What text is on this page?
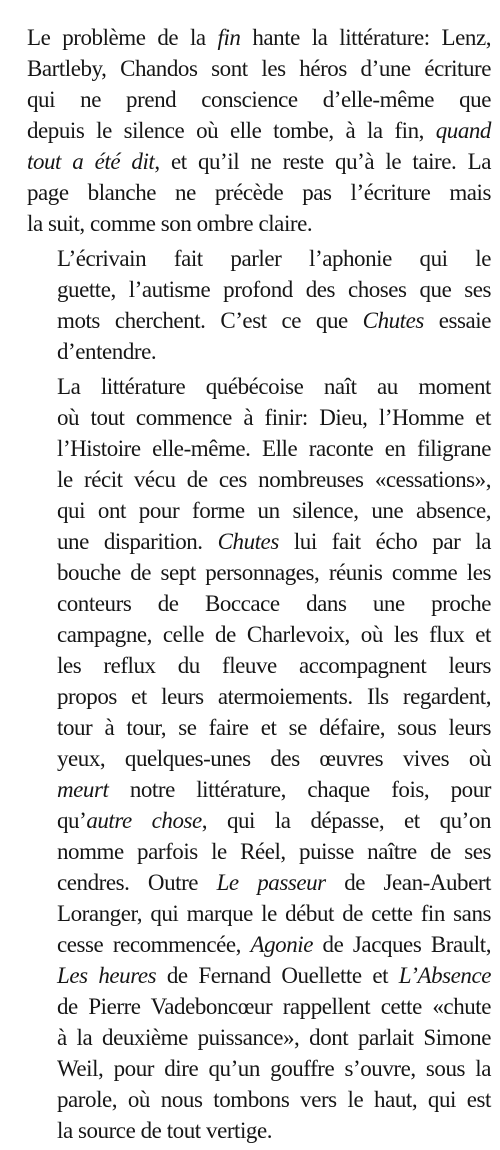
Le problème de la fin hante la littérature: Lenz,
Bartleby, Chandos sont les héros d’une écriture
qui ne prend conscience d’elle-même que
depuis le silence où elle tombe, à la fin, quand
tout a été dit, et qu’il ne reste qu’à le taire. La
page blanche ne précède pas l’écriture mais
la suit, comme son ombre claire.

L’écrivain fait parler l’aphonie qui le
guette, l’autisme profond des choses que ses
mots cherchent. C’est ce que Chutes essaie
d’entendre.

La littérature québécoise naît au moment
où tout commence à finir: Dieu, l’Homme et
l’Histoire elle-même. Elle raconte en filigrane
le récit vécu de ces nombreuses «cessations»,
qui ont pour forme un silence, une absence,
une disparition. Chutes lui fait écho par la
bouche de sept personnages, réunis comme les
conteurs de Boccace dans une proche
campagne, celle de Charlevoix, où les flux et
les reflux du fleuve accompagnent leurs
propos et leurs atermoiements. Ils regardent,
tour à tour, se faire et se défaire, sous leurs
yeux, quelques-unes des œuvres vives où
meurt notre littérature, chaque fois, pour
qu’autre chose, qui la dépasse, et qu’on
nomme parfois le Réel, puisse naître de ses
cendres. Outre Le passeur de Jean-Aubert
Loranger, qui marque le début de cette fin sans
cesse recommencée, Agonie de Jacques Brault,
Les heures de Fernand Ouellette et L’Absence
de Pierre Vadeboncœur rappellent cette «chute
à la deuxième puissance», dont parlait Simone
Weil, pour dire qu’un gouffre s’ouvre, sous la
parole, où nous tombons vers le haut, qui est
la source de tout vertige.
